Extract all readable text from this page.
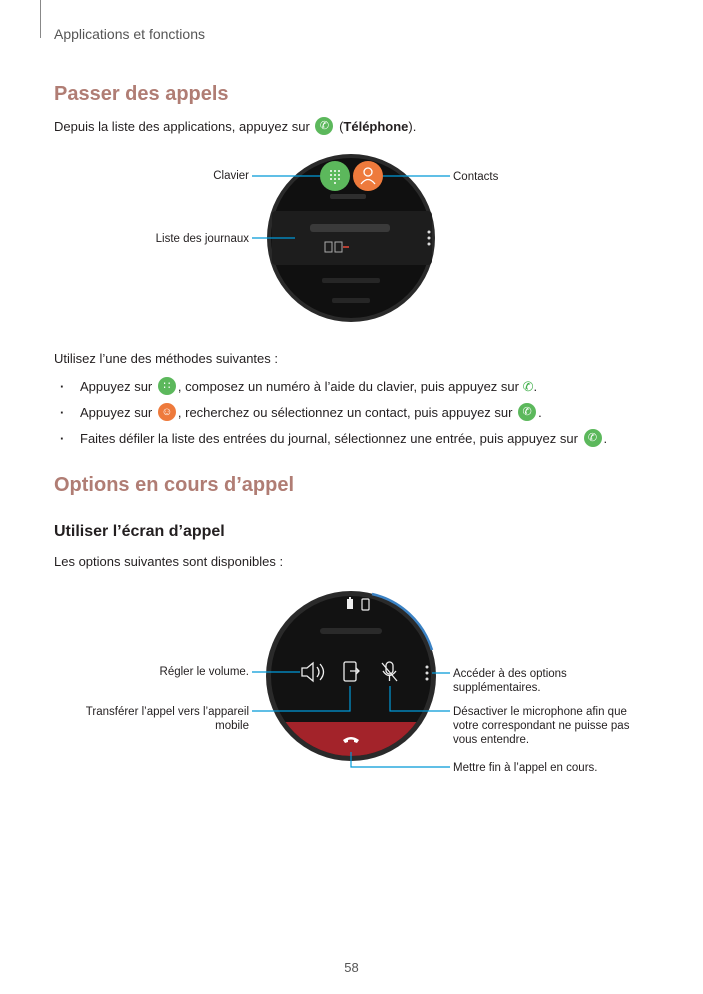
Applications et fonctions
Passer des appels
Depuis la liste des applications, appuyez sur ✆ (Téléphone).
Clavier	Contacts
Liste des journaux
Utilisez l’une des méthodes suivantes :
· Appuyez sur	∷ , composez un numéro à l’aide du clavier, puis appuyez sur ✆.
· Appuyez sur ☺ , recherchez ou sélectionnez un contact, puis appuyez sur ✆ .
· Faites défiler la liste des entrées du journal, sélectionnez une entrée, puis appuyez sur ✆ .
Options en cours d’appel
Utiliser l’écran d’appel
Les options suivantes sont disponibles :
Régler le volume.
Transférer l’appel vers l’appareil
mobile
Accéder à des options
supplémentaires.
Désactiver le microphone afin que
votre correspondant ne puisse pas
vous entendre.
Mettre fin à l’appel en cours.
58
